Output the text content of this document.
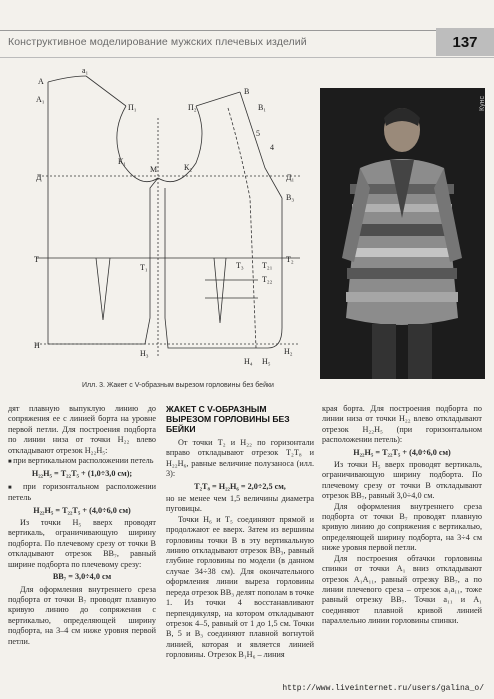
Конструктивное моделирование мужских плечевых изделий	137
А
А₁
а₁
П₁	П₂
К₁
К₂
Д	Д₁
М
Т
Т₁	Т₃ Т₂₁
Т₂₂
Т₂
Н
Н₃
Н₄ Н₅
Н₂
В
В₁
В₃
4
5
Кунс
Илл. 3. Жакет с V-образным вырезом горловины без бейки

дят плавную выпуклую линию до сопряжения ее с линией борта на уровне первой петли. Для построения подборта по линии низа от точки Н₂₂ влево откладывают отрезок Н₂₂Н₅:

■ при вертикальном расположении петель

Н₂₂Н₅ = Т₂₂Т₅ + (1,0÷3,0 см);

■ при горизонтальном расположении петель

Н₂₂Н₅ = Т₂₂Т₅ + (4,0÷6,0 см)

Из точки Н₅ вверх проводят вертикаль, ограничивающую ширину подборта. По плечевому срезу от точки В откладывают отрезок ВВ₇, равный ширине подборта по плечевому срезу:

ВВ₇ = 3,0÷4,0 см

Для оформления внутреннего среза подборта от точки В₇ проводят плавную кривую линию до сопряжения с вертикалью, определяющей ширину подборта, на 3–4 см ниже уровня первой петли.

ЖАКЕТ С V-ОБРАЗНЫМ ВЫРЕЗОМ ГОРЛОВИНЫ БЕЗ БЕЙКИ

От точки Т₂ и Н₂₂ по горизонтали вправо откладывают отрезок Т₂Т₈ и Н₂₂Н₆, равные величине полузаноса (илл. 3):

Т₂Т₈ = Н₂₂Н₆ = 2,0÷2,5 см,

но не менее чем 1,5 величины диаметра пуговицы.

Точки Н₆ и Т₅ соединяют прямой и продолжают ее вверх. Затем из вершины горловины точки В в эту вертикальную линию откладывают отрезок ВВ₃, равный глубине горловины по модели (в данном случае 34÷38 см). Для окончательного оформления линии выреза горловины переда отрезок ВВ₃ делят пополам в точке 1. Из точки 4 восстанавливают перпендикуляр, на котором откладывают отрезок 4–5, равный от 1 до 1,5 см. Точки В, 5 и В₃ соединяют плавной вогнутой линией, которая и является линией горловины. Отрезок В₁Н₆ – линия

края борта. Для построения подборта по линии низа от точки Н₂₂ влево откладывают отрезок Н₂₂Н₅ (при горизонтальном расположении петель):

Н₂₂Н₅ = Т₂₂Т₅ + (4,0÷6,0 см)

Из точки Н₅ вверх проводят вертикаль, ограничивающую ширину подборта. По плечевому срезу от точки В откладывают отрезок ВВ₇, равный 3,0÷4,0 см.

Для оформления внутреннего среза подборта от точки В₇ проводят плавную кривую линию до сопряжения с вертикалью, определяющей ширину подборта, на 3÷4 см ниже уровня первой петли.

Для построения обтачки горловины спинки от точки А₁ вниз откладывают отрезок А₁А₁₁, равный отрезку ВВ₇, а по линии плечевого среза – отрезок а₁а₁₁, тоже равный отрезку ВВ₇. Точки а₁₁ и А₁ соединяют плавной кривой линией параллельно линии горловины спинки.

http://www.liveinternet.ru/users/galina_o/
